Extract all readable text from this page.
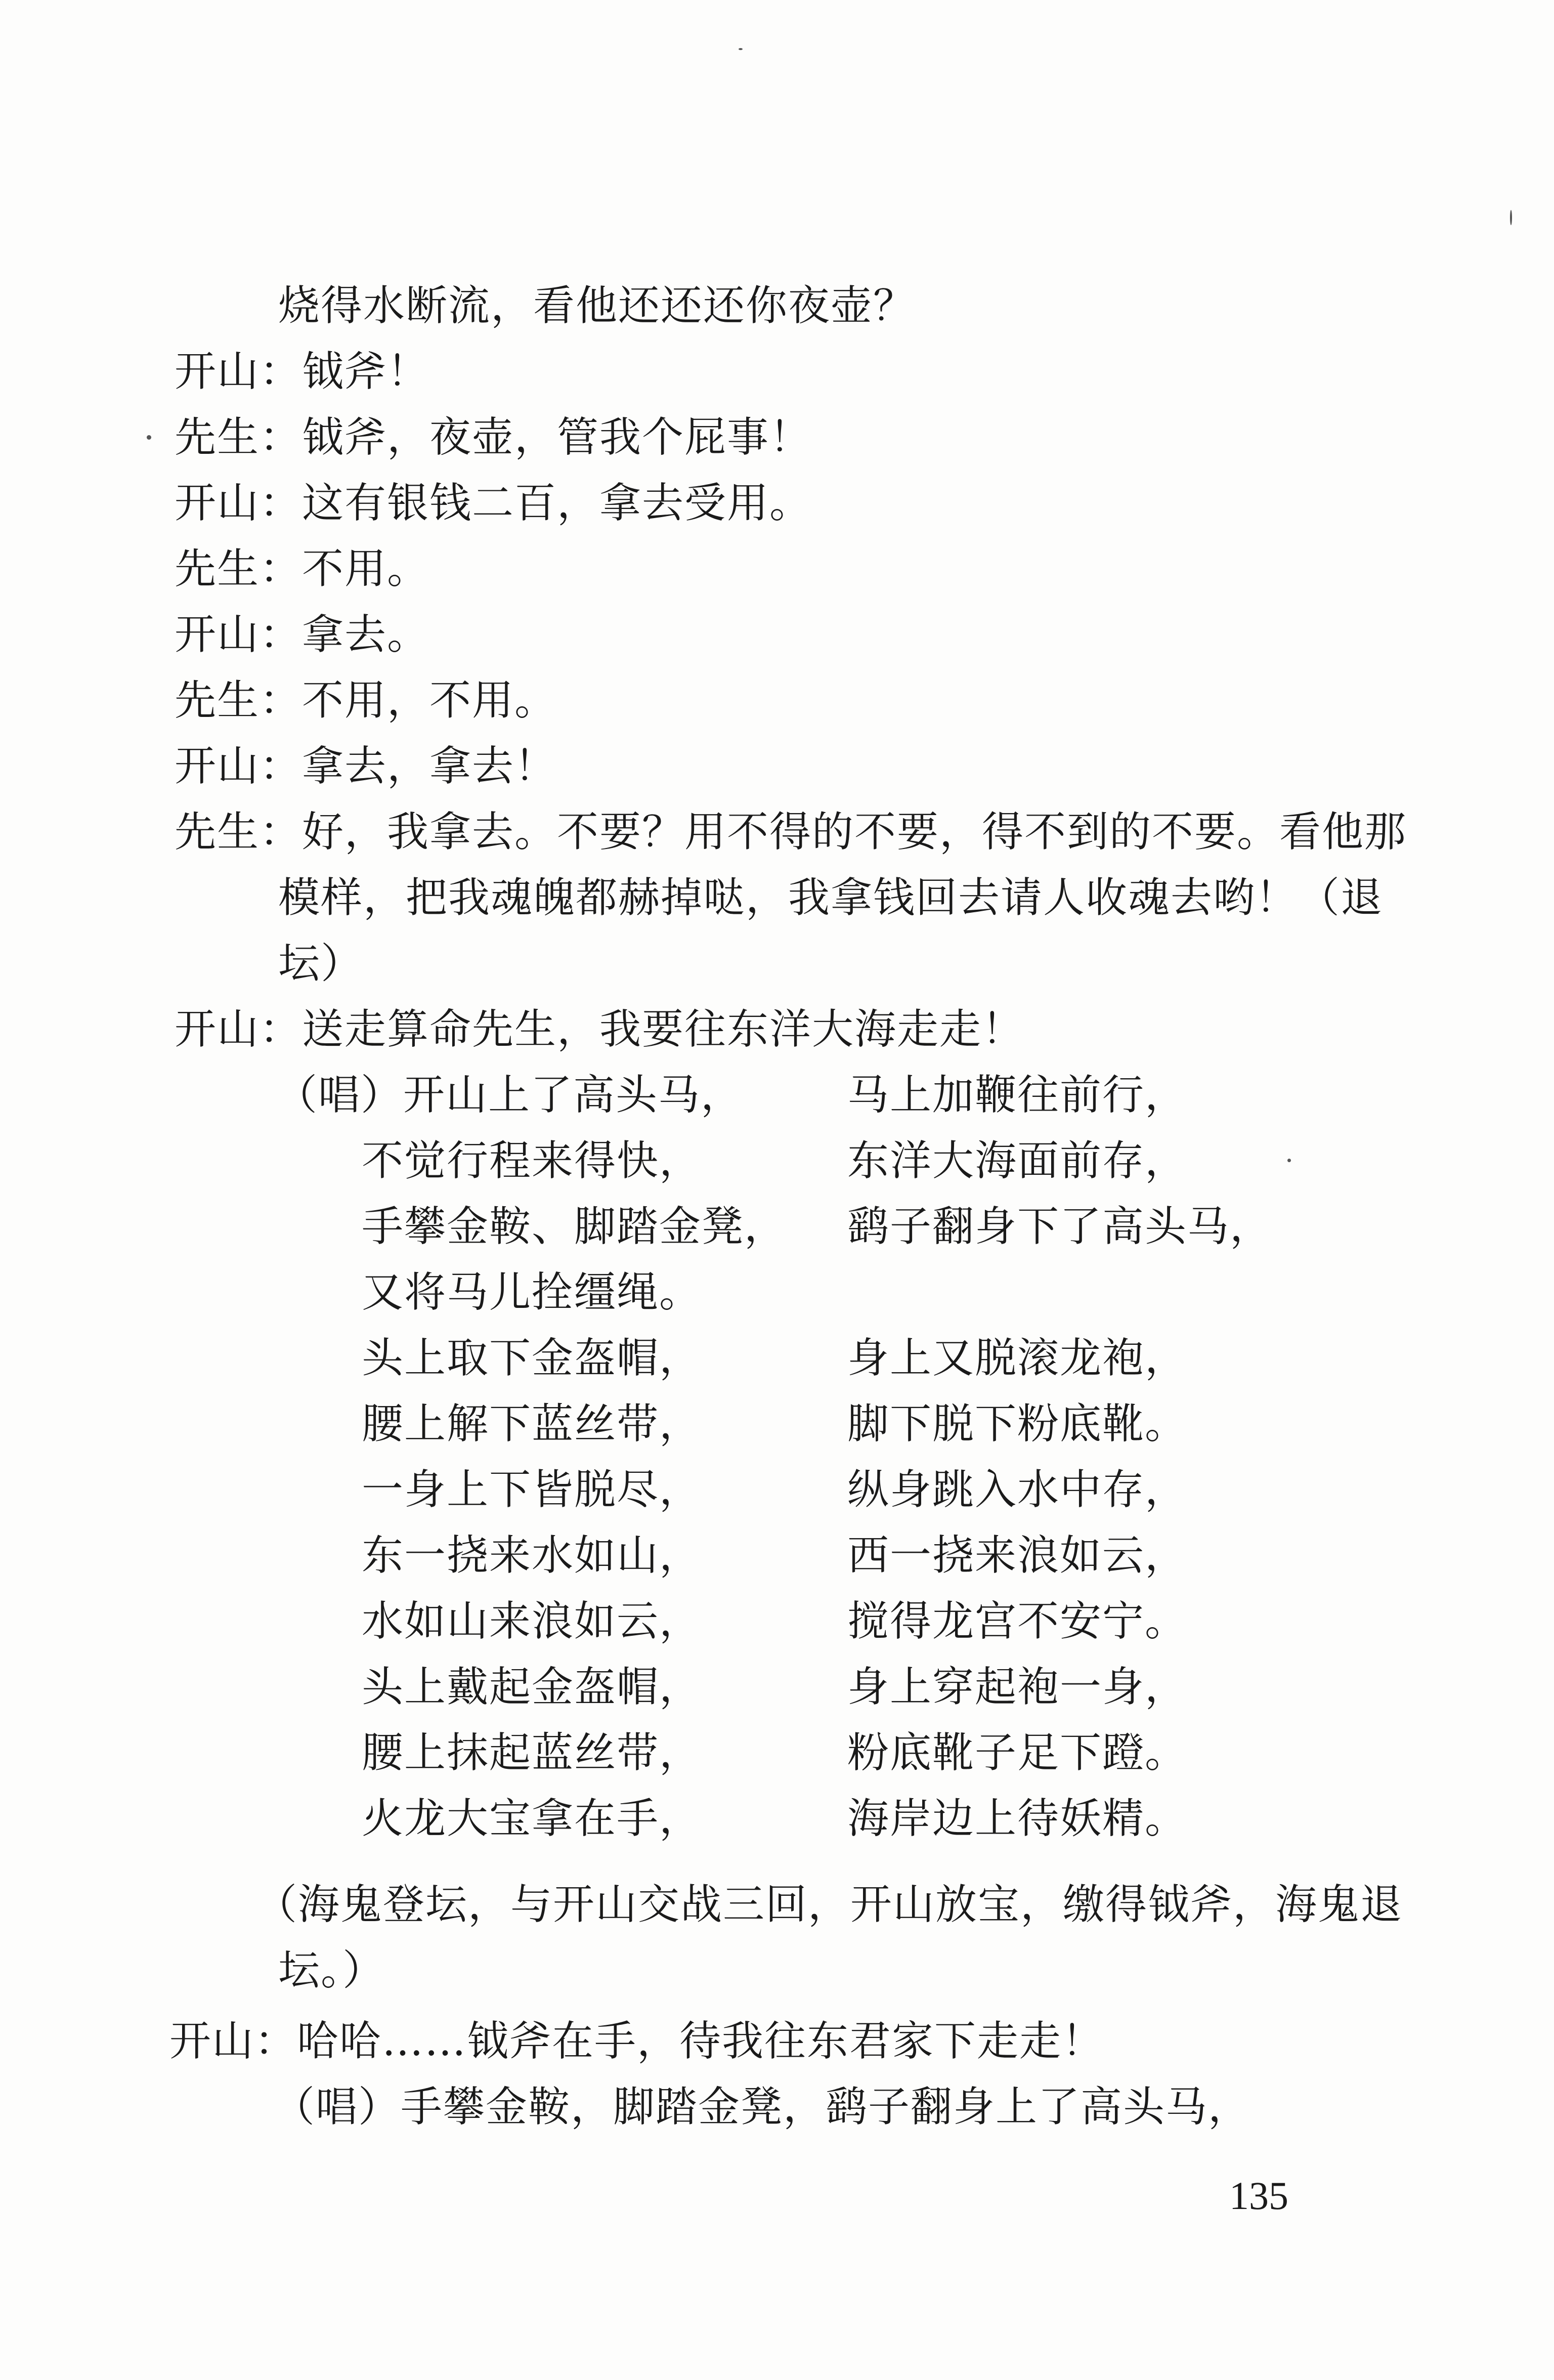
烧得水断流，看他还还还你夜壶？
开山：钺斧！
先生：钺斧，夜壶，管我个屁事！
开山：这有银钱二百，拿去受用。
先生：不用。
开山：拿去。
先生：不用，不用。
开山：拿去，拿去！
先生：好，我拿去。不要？用不得的不要，得不到的不要。看他那
模样，把我魂魄都赫掉哒，我拿钱回去请人收魂去哟！（退
坛）
开山：送走算命先生，我要往东洋大海走走！
（唱）开山上了高头马，	马上加鞭往前行，
不觉行程来得快，	东洋大海面前存，
手攀金鞍、脚踏金凳， 鹞子翻身下了高头马，
又将马儿拴缰绳。
头上取下金盔帽，	身上又脱滚龙袍，
腰上解下蓝丝带，	脚下脱下粉底靴。
一身上下皆脱尽，	纵身跳入水中存，
东一挠来水如山，	西一挠来浪如云，
水如山来浪如云，	搅得龙宫不安宁。
头上戴起金盔帽，	身上穿起袍一身，
腰上抹起蓝丝带，	粉底靴子足下蹬。
火龙大宝拿在手，	海岸边上待妖精。
（海鬼登坛，与开山交战三回，开山放宝，缴得钺斧，海鬼退
坛。）
开山：哈哈……钺斧在手，待我往东君家下走走！
（唱）手攀金鞍，脚踏金凳，鹞子翻身上了高头马，
135
